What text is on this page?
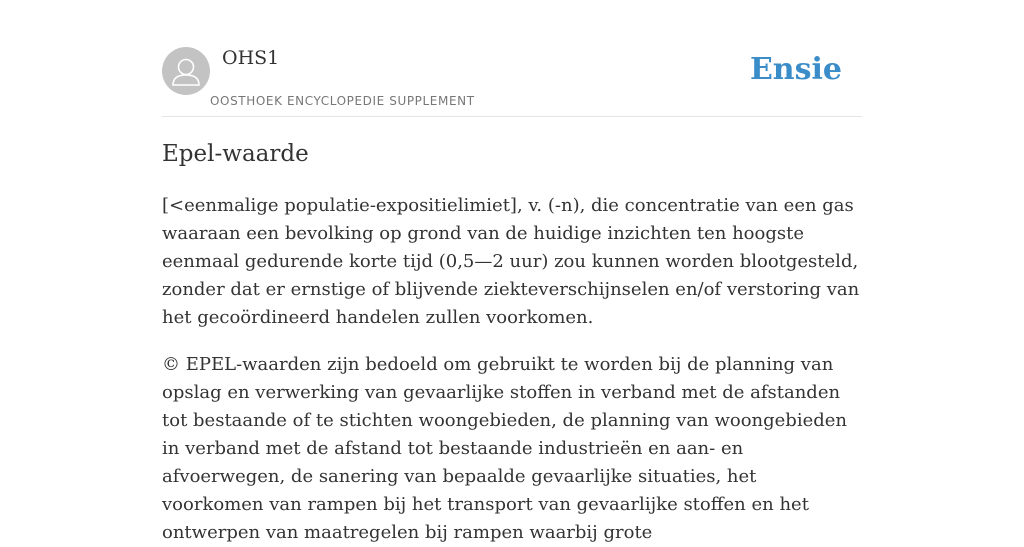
OHS1
OOSTHOEK ENCYCLOPEDIE SUPPLEMENT
Ensie
Epel-waarde

[<eenmalige populatie-expositielimiet], v. (-n), die concentratie van een gas waaraan een bevolking op grond van de huidige inzichten ten hoogste eenmaal gedurende korte tijd (0,5—2 uur) zou kunnen worden blootgesteld, zonder dat er ernstige of blijvende ziekteverschijnselen en/of verstoring van het gecoördineerd handelen zullen voorkomen.

© EPEL-waarden zijn bedoeld om gebruikt te worden bij de planning van opslag en verwerking van gevaarlijke stoffen in verband met de afstanden tot bestaande of te stichten woongebieden, de planning van woongebieden in verband met de afstand tot bestaande industrieën en aan- en afvoerwegen, de sanering van bepaalde gevaarlijke situaties, het voorkomen van rampen bij het transport van gevaarlijke stoffen en het ontwerpen van maatregelen bij rampen waarbij grote
